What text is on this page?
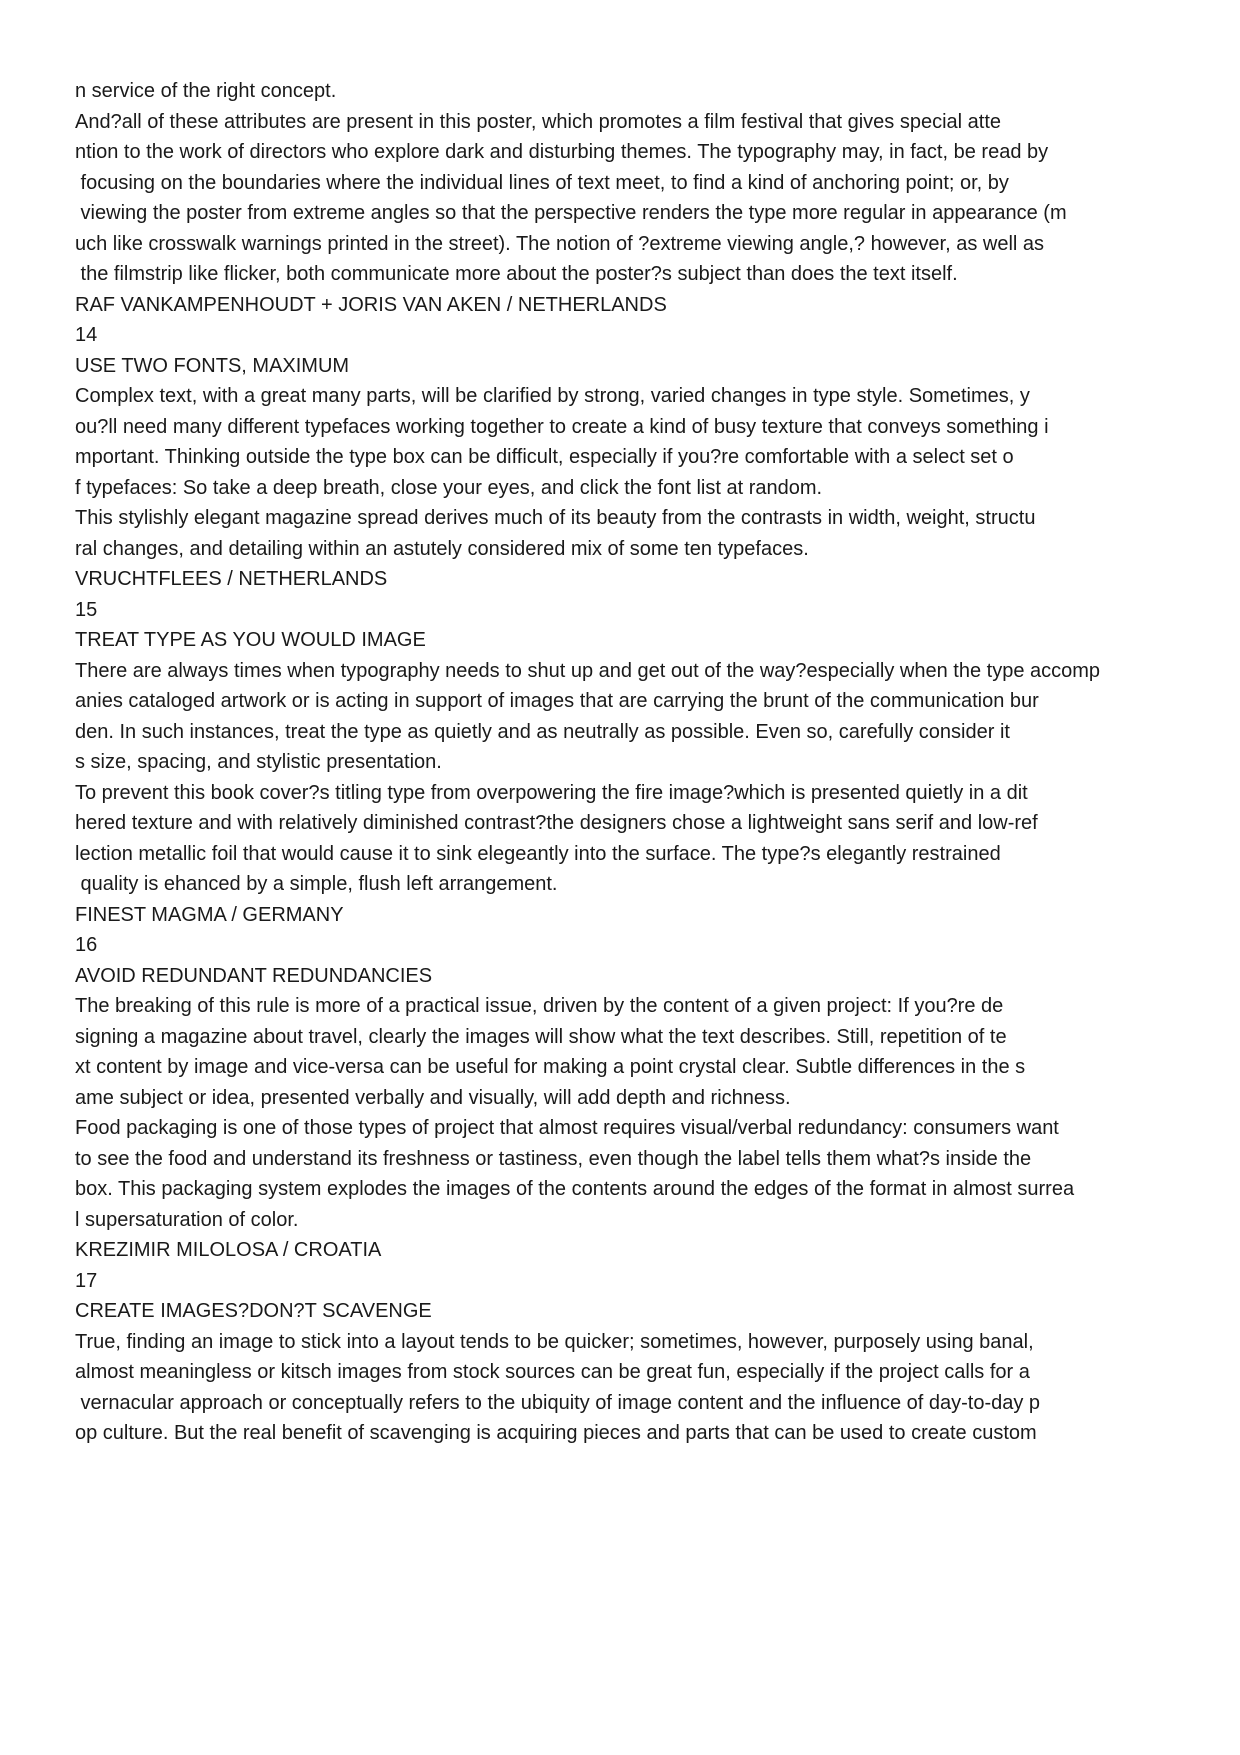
n service of the right concept.
And?all of these attributes are present in this poster, which promotes a film festival that gives special atte
ntion to the work of directors who explore dark and disturbing themes. The typography may, in fact, be read by
focusing on the boundaries where the individual lines of text meet, to find a kind of anchoring point; or, by
viewing the poster from extreme angles so that the perspective renders the type more regular in appearance (m
uch like crosswalk warnings printed in the street). The notion of ?extreme viewing angle,? however, as well as
the filmstrip like flicker, both communicate more about the poster?s subject than does the text itself.
RAF VANKAMPENHOUDT + JORIS VAN AKEN / NETHERLANDS
14
USE TWO FONTS, MAXIMUM
Complex text, with a great many parts, will be clarified by strong, varied changes in type style. Sometimes, y
ou?ll need many different typefaces working together to create a kind of busy texture that conveys something i
mportant. Thinking outside the type box can be difficult, especially if you?re comfortable with a select set o
f typefaces: So take a deep breath, close your eyes, and click the font list at random.
This stylishly elegant magazine spread derives much of its beauty from the contrasts in width, weight, structu
ral changes, and detailing within an astutely considered mix of some ten typefaces.
VRUCHTFLEES / NETHERLANDS
15
TREAT TYPE AS YOU WOULD IMAGE
There are always times when typography needs to shut up and get out of the way?especially when the type accomp
anies cataloged artwork or is acting in support of images that are carrying the brunt of the communication bur
den. In such instances, treat the type as quietly and as neutrally as possible. Even so, carefully consider it
s size, spacing, and stylistic presentation.
To prevent this book cover?s titling type from overpowering the fire image?which is presented quietly in a dit
hered texture and with relatively diminished contrast?the designers chose a lightweight sans serif and low-ref
lection metallic foil that would cause it to sink elegeantly into the surface. The type?s elegantly restrained
quality is ehanced by a simple, flush left arrangement.
FINEST MAGMA / GERMANY
16
AVOID REDUNDANT REDUNDANCIES
The breaking of this rule is more of a practical issue, driven by the content of a given project: If you?re de
signing a magazine about travel, clearly the images will show what the text describes. Still, repetition of te
xt content by image and vice-versa can be useful for making a point crystal clear. Subtle differences in the s
ame subject or idea, presented verbally and visually, will add depth and richness.
Food packaging is one of those types of project that almost requires visual/verbal redundancy: consumers want
to see the food and understand its freshness or tastiness, even though the label tells them what?s inside the
box. This packaging system explodes the images of the contents around the edges of the format in almost surrea
l supersaturation of color.
KREZIMIR MILOLOSA / CROATIA
17
CREATE IMAGES?DON?T SCAVENGE
True, finding an image to stick into a layout tends to be quicker; sometimes, however, purposely using banal,
almost meaningless or kitsch images from stock sources can be great fun, especially if the project calls for a
vernacular approach or conceptually refers to the ubiquity of image content and the influence of day-to-day p
op culture. But the real benefit of scavenging is acquiring pieces and parts that can be used to create custom
